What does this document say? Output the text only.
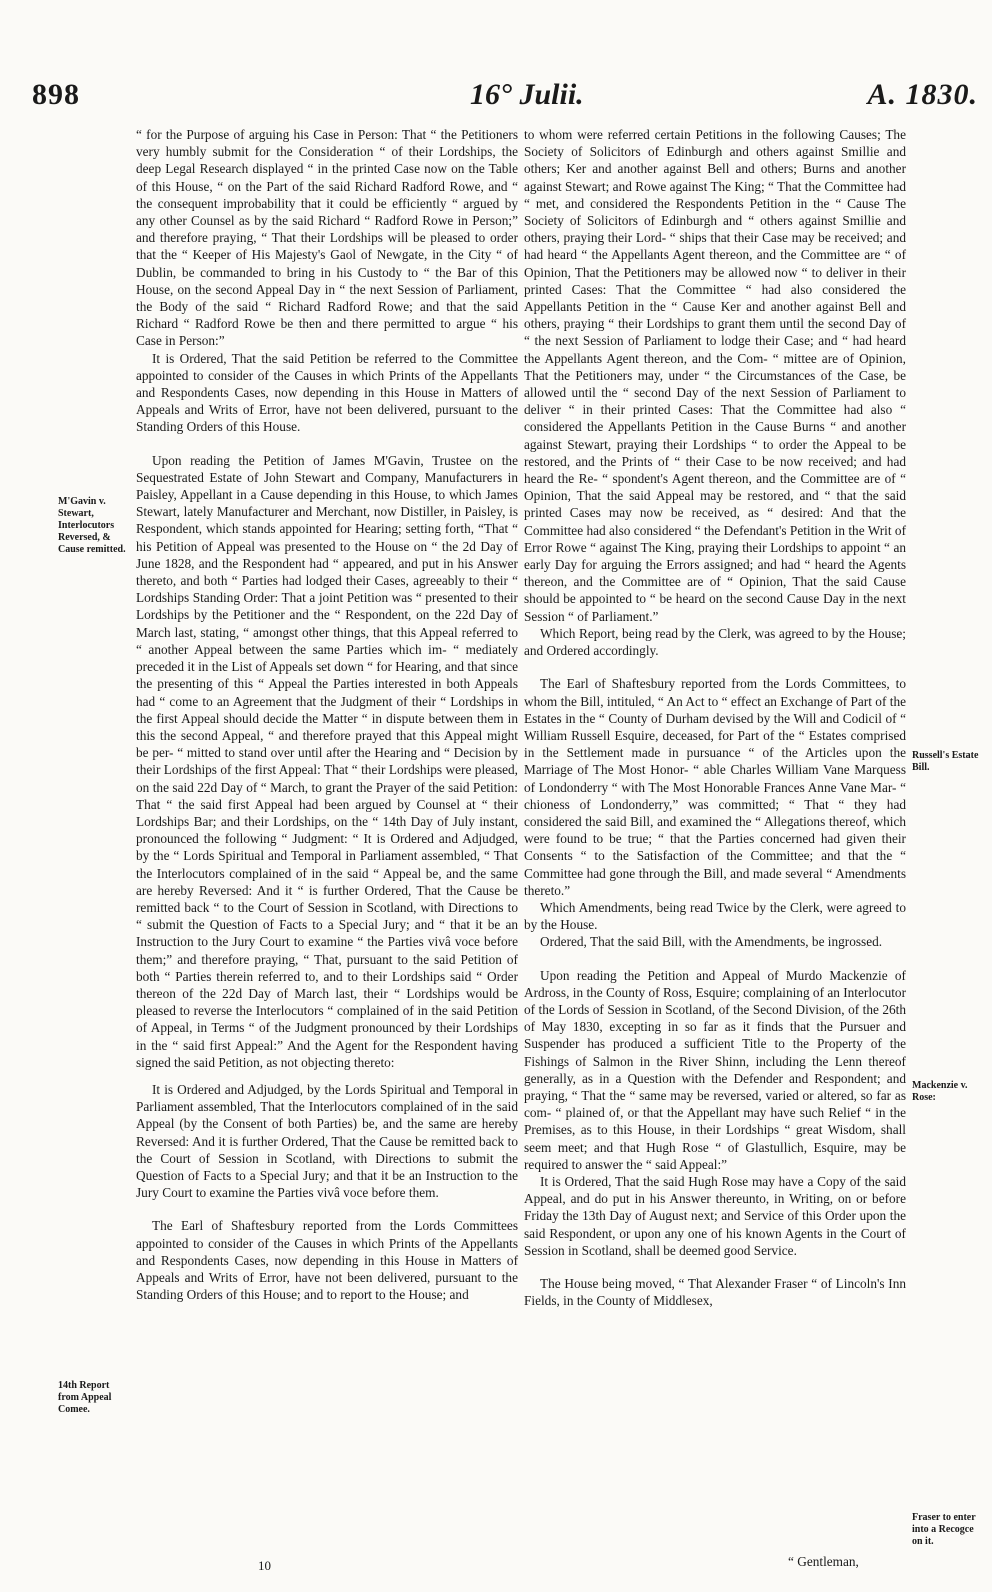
898	16° Julii.	A. 1830.

“ for the Purpose of arguing his Case in Person: That “ the Petitioners very humbly submit for the Consideration “ of their Lordships, the deep Legal Research displayed “ in the printed Case now on the Table of this House, “ on the Part of the said Richard Radford Rowe, and “ the consequent improbability that it could be efficiently “ argued by any other Counsel as by the said Richard “ Radford Rowe in Person;” and therefore praying, “ That their Lordships will be pleased to order that the “ Keeper of His Majesty's Gaol of Newgate, in the City “ of Dublin, be commanded to bring in his Custody to “ the Bar of this House, on the second Appeal Day in “ the next Session of Parliament, the Body of the said “ Richard Radford Rowe; and that the said Richard “ Radford Rowe be then and there permitted to argue “ his Case in Person:”

It is Ordered, That the said Petition be referred to the Committee appointed to consider of the Causes in which Prints of the Appellants and Respondents Cases, now depending in this House in Matters of Appeals and Writs of Error, have not been delivered, pursuant to the Standing Orders of this House.

Upon reading the Petition of James M'Gavin, Trustee on the Sequestrated Estate of John Stewart and Company, Manufacturers in Paisley, Appellant in a Cause depending in this House, to which James Stewart, lately Manufacturer and Merchant, now Distiller, in Paisley, is Respondent, which stands appointed for Hearing; setting forth, “That “ his Petition of Appeal was presented to the House on “ the 2d Day of June 1828, and the Respondent had “ appeared, and put in his Answer thereto, and both “ Parties had lodged their Cases, agreeably to their “ Lordships Standing Order: That a joint Petition was “ presented to their Lordships by the Petitioner and the “ Respondent, on the 22d Day of March last, stating, “ amongst other things, that this Appeal referred to “ another Appeal between the same Parties which im- “ mediately preceded it in the List of Appeals set down “ for Hearing, and that since the presenting of this “ Appeal the Parties interested in both Appeals had “ come to an Agreement that the Judgment of their “ Lordships in the first Appeal should decide the Matter “ in dispute between them in this the second Appeal, “ and therefore prayed that this Appeal might be per- “ mitted to stand over until after the Hearing and “ Decision by their Lordships of the first Appeal: That “ their Lordships were pleased, on the said 22d Day of “ March, to grant the Prayer of the said Petition: That “ the said first Appeal had been argued by Counsel at “ their Lordships Bar; and their Lordships, on the “ 14th Day of July instant, pronounced the following “ Judgment: “ It is Ordered and Adjudged, by the “ Lords Spiritual and Temporal in Parliament assembled, “ That the Interlocutors complained of in the said “ Appeal be, and the same are hereby Reversed: And it “ is further Ordered, That the Cause be remitted back “ to the Court of Session in Scotland, with Directions to “ submit the Question of Facts to a Special Jury; and “ that it be an Instruction to the Jury Court to examine “ the Parties vivâ voce before them;” and therefore praying, “ That, pursuant to the said Petition of both “ Parties therein referred to, and to their Lordships said “ Order thereon of the 22d Day of March last, their “ Lordships would be pleased to reverse the Interlocutors “ complained of in the said Petition of Appeal, in Terms “ of the Judgment pronounced by their Lordships in the “ said first Appeal:” And the Agent for the Respondent having signed the said Petition, as not objecting thereto:

It is Ordered and Adjudged, by the Lords Spiritual and Temporal in Parliament assembled, That the Interlocutors complained of in the said Appeal (by the Consent of both Parties) be, and the same are hereby Reversed: And it is further Ordered, That the Cause be remitted back to the Court of Session in Scotland, with Directions to submit the Question of Facts to a Special Jury; and that it be an Instruction to the Jury Court to examine the Parties vivâ voce before them.

The Earl of Shaftesbury reported from the Lords Committees appointed to consider of the Causes in which Prints of the Appellants and Respondents Cases, now depending in this House in Matters of Appeals and Writs of Error, have not been delivered, pursuant to the Standing Orders of this House; and to report to the House; and

to whom were referred certain Petitions in the following Causes; The Society of Solicitors of Edinburgh and others against Smillie and others; Ker and another against Bell and others; Burns and another against Stewart; and Rowe against The King; “ That the Committee had “ met, and considered the Respondents Petition in the “ Cause The Society of Solicitors of Edinburgh and “ others against Smillie and others, praying their Lord- “ ships that their Case may be received; and had heard “ the Appellants Agent thereon, and the Committee are “ of Opinion, That the Petitioners may be allowed now “ to deliver in their printed Cases: That the Committee “ had also considered the Appellants Petition in the “ Cause Ker and another against Bell and others, praying “ their Lordships to grant them until the second Day of “ the next Session of Parliament to lodge their Case; and “ had heard the Appellants Agent thereon, and the Com- “ mittee are of Opinion, That the Petitioners may, under “ the Circumstances of the Case, be allowed until the “ second Day of the next Session of Parliament to deliver “ in their printed Cases: That the Committee had also “ considered the Appellants Petition in the Cause Burns “ and another against Stewart, praying their Lordships “ to order the Appeal to be restored, and the Prints of “ their Case to be now received; and had heard the Re- “ spondent's Agent thereon, and the Committee are of “ Opinion, That the said Appeal may be restored, and “ that the said printed Cases may now be received, as “ desired: And that the Committee had also considered “ the Defendant's Petition in the Writ of Error Rowe “ against The King, praying their Lordships to appoint “ an early Day for arguing the Errors assigned; and had “ heard the Agents thereon, and the Committee are of “ Opinion, That the said Cause should be appointed to “ be heard on the second Cause Day in the next Session “ of Parliament.”

Which Report, being read by the Clerk, was agreed to by the House; and Ordered accordingly.

The Earl of Shaftesbury reported from the Lords Committees, to whom the Bill, intituled, “ An Act to “ effect an Exchange of Part of the Estates in the “ County of Durham devised by the Will and Codicil of “ William Russell Esquire, deceased, for Part of the “ Estates comprised in the Settlement made in pursuance “ of the Articles upon the Marriage of The Most Honor- “ able Charles William Vane Marquess of Londonderry “ with The Most Honorable Frances Anne Vane Mar- “ chioness of Londonderry,” was committed; “ That “ they had considered the said Bill, and examined the “ Allegations thereof, which were found to be true; “ that the Parties concerned had given their Consents “ to the Satisfaction of the Committee; and that the “ Committee had gone through the Bill, and made several “ Amendments thereto.”

Which Amendments, being read Twice by the Clerk, were agreed to by the House.

Ordered, That the said Bill, with the Amendments, be ingrossed.

Upon reading the Petition and Appeal of Murdo Mackenzie of Ardross, in the County of Ross, Esquire; complaining of an Interlocutor of the Lords of Session in Scotland, of the Second Division, of the 26th of May 1830, excepting in so far as it finds that the Pursuer and Suspender has produced a sufficient Title to the Property of the Fishings of Salmon in the River Shinn, including the Lenn thereof generally, as in a Question with the Defender and Respondent; and praying, “ That the “ same may be reversed, varied or altered, so far as com- “ plained of, or that the Appellant may have such Relief “ in the Premises, as to this House, in their Lordships “ great Wisdom, shall seem meet; and that Hugh Rose “ of Glastullich, Esquire, may be required to answer the “ said Appeal:”

It is Ordered, That the said Hugh Rose may have a Copy of the said Appeal, and do put in his Answer thereunto, in Writing, on or before Friday the 13th Day of August next; and Service of this Order upon the said Respondent, or upon any one of his known Agents in the Court of Session in Scotland, shall be deemed good Service.

The House being moved, “ That Alexander Fraser “ of Lincoln's Inn Fields, in the County of Middlesex,

M'Gavin v. Stewart, Interlocutors Reversed, & Cause remitted.
14th Report from Appeal Comee.
Russell's Estate Bill.
Mackenzie v. Rose:
Fraser to enter into a Recogce on it.
10	“ Gentleman,
